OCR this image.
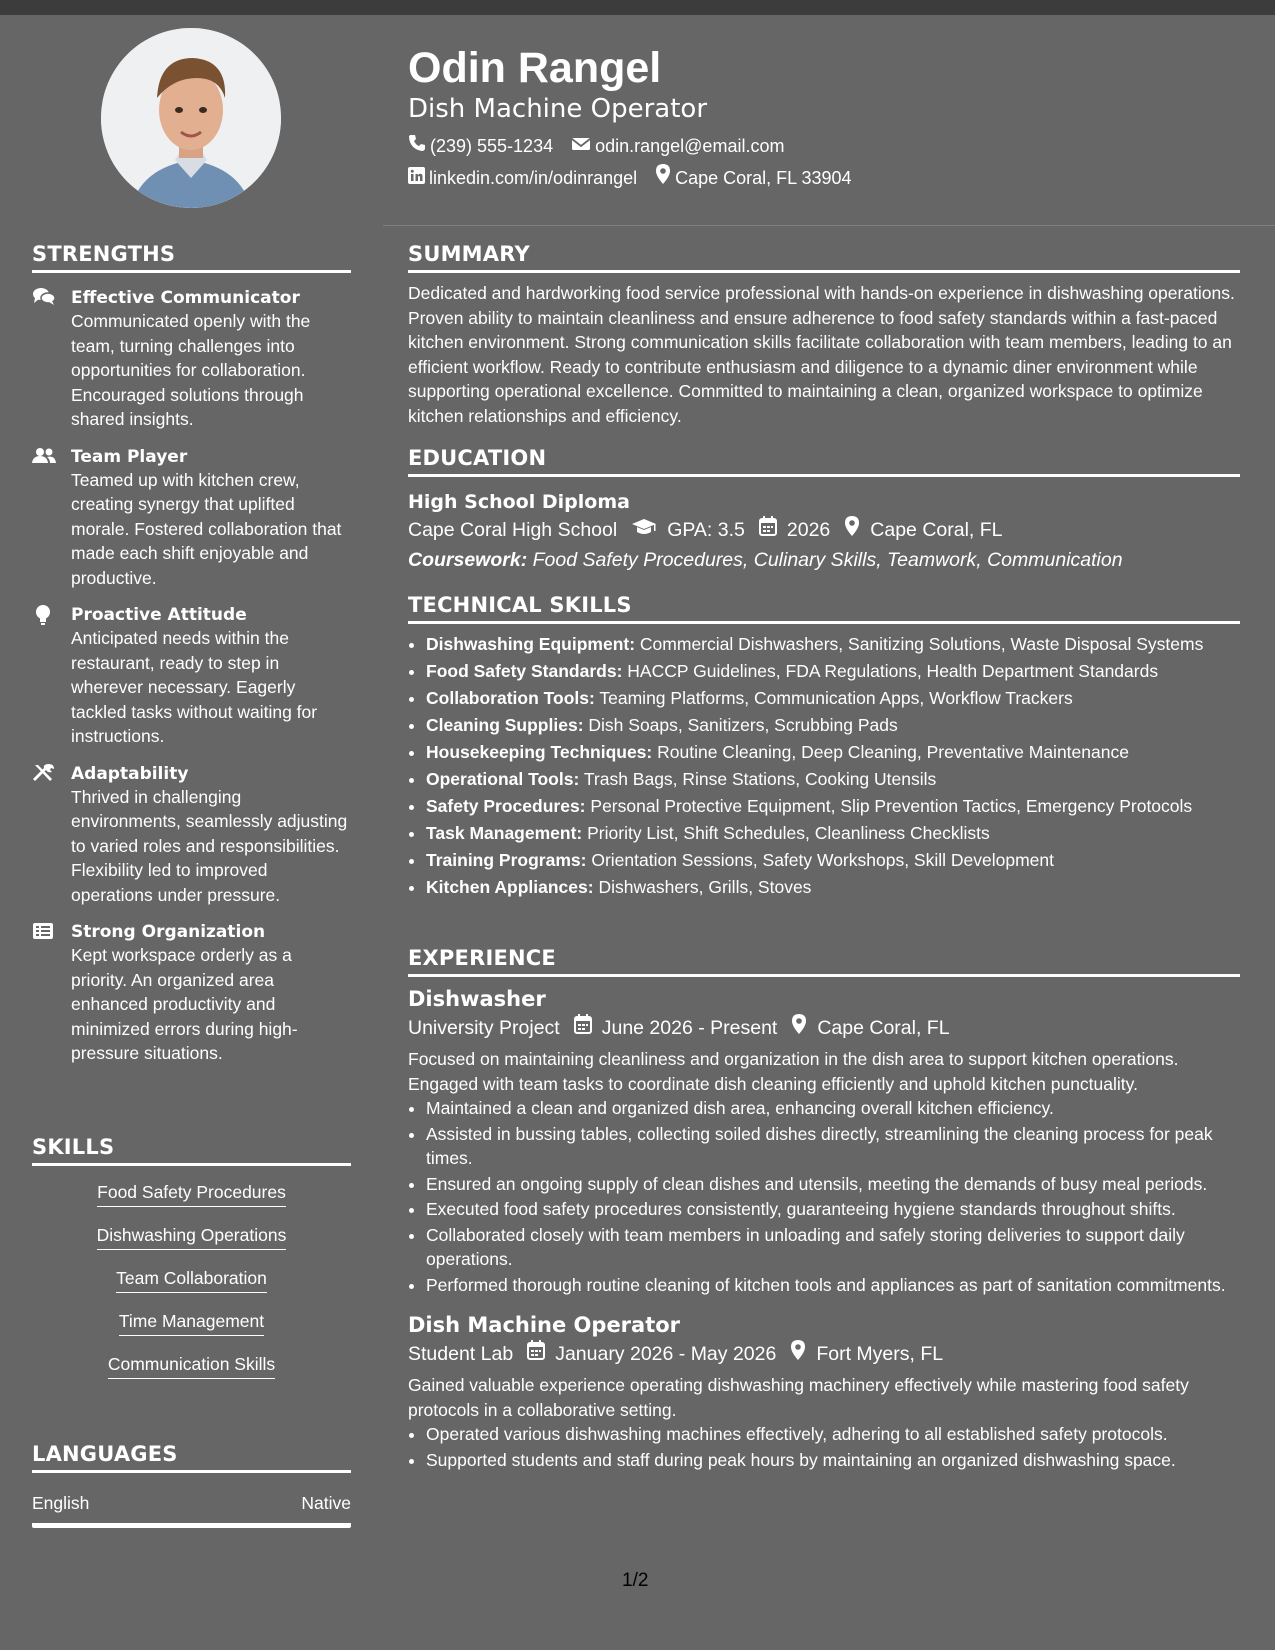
STRENGTHS
Effective Communicator
Communicated openly with the team, turning challenges into opportunities for collaboration. Encouraged solutions through shared insights.
Team Player
Teamed up with kitchen crew, creating synergy that uplifted morale. Fostered collaboration that made each shift enjoyable and productive.
Proactive Attitude
Anticipated needs within the restaurant, ready to step in wherever necessary. Eagerly tackled tasks without waiting for instructions.
Adaptability
Thrived in challenging environments, seamlessly adjusting to varied roles and responsibilities. Flexibility led to improved operations under pressure.
Strong Organization
Kept workspace orderly as a priority. An organized area enhanced productivity and minimized errors during high-pressure situations.
SKILLS
Food Safety Procedures
Dishwashing Operations
Team Collaboration
Time Management
Communication Skills
LANGUAGES
English	Native
Odin Rangel
Dish Machine Operator
(239) 555-1234 odin.rangel@email.com
linkedin.com/in/odinrangel Cape Coral, FL 33904
SUMMARY
Dedicated and hardworking food service professional with hands-on experience in dishwashing operations. Proven ability to maintain cleanliness and ensure adherence to food safety standards within a fast-paced kitchen environment. Strong communication skills facilitate collaboration with team members, leading to an efficient workflow. Ready to contribute enthusiasm and diligence to a dynamic diner environment while supporting operational excellence. Committed to maintaining a clean, organized workspace to optimize kitchen relationships and efficiency.
EDUCATION
High School Diploma
Cape Coral High School	GPA: 3.5 2026 Cape Coral, FL
Coursework: Food Safety Procedures, Culinary Skills, Teamwork, Communication
TECHNICAL SKILLS
• Dishwashing Equipment: Commercial Dishwashers, Sanitizing Solutions, Waste Disposal Systems
• Food Safety Standards: HACCP Guidelines, FDA Regulations, Health Department Standards
• Collaboration Tools: Teaming Platforms, Communication Apps, Workflow Trackers
• Cleaning Supplies: Dish Soaps, Sanitizers, Scrubbing Pads
• Housekeeping Techniques: Routine Cleaning, Deep Cleaning, Preventative Maintenance
• Operational Tools: Trash Bags, Rinse Stations, Cooking Utensils
• Safety Procedures: Personal Protective Equipment, Slip Prevention Tactics, Emergency Protocols
• Task Management: Priority List, Shift Schedules, Cleanliness Checklists
• Training Programs: Orientation Sessions, Safety Workshops, Skill Development
• Kitchen Appliances: Dishwashers, Grills, Stoves
EXPERIENCE
Dishwasher
University Project June 2026 - Present Cape Coral, FL
Focused on maintaining cleanliness and organization in the dish area to support kitchen operations. Engaged with team tasks to coordinate dish cleaning efficiently and uphold kitchen punctuality.
• Maintained a clean and organized dish area, enhancing overall kitchen efficiency.
• Assisted in bussing tables, collecting soiled dishes directly, streamlining the cleaning process for peak times.
• Ensured an ongoing supply of clean dishes and utensils, meeting the demands of busy meal periods.
• Executed food safety procedures consistently, guaranteeing hygiene standards throughout shifts.
• Collaborated closely with team members in unloading and safely storing deliveries to support daily operations.
• Performed thorough routine cleaning of kitchen tools and appliances as part of sanitation commitments.
Dish Machine Operator
Student Lab January 2026 - May 2026 Fort Myers, FL
Gained valuable experience operating dishwashing machinery effectively while mastering food safety protocols in a collaborative setting.
• Operated various dishwashing machines effectively, adhering to all established safety protocols.
• Supported students and staff during peak hours by maintaining an organized dishwashing space.
1/2
